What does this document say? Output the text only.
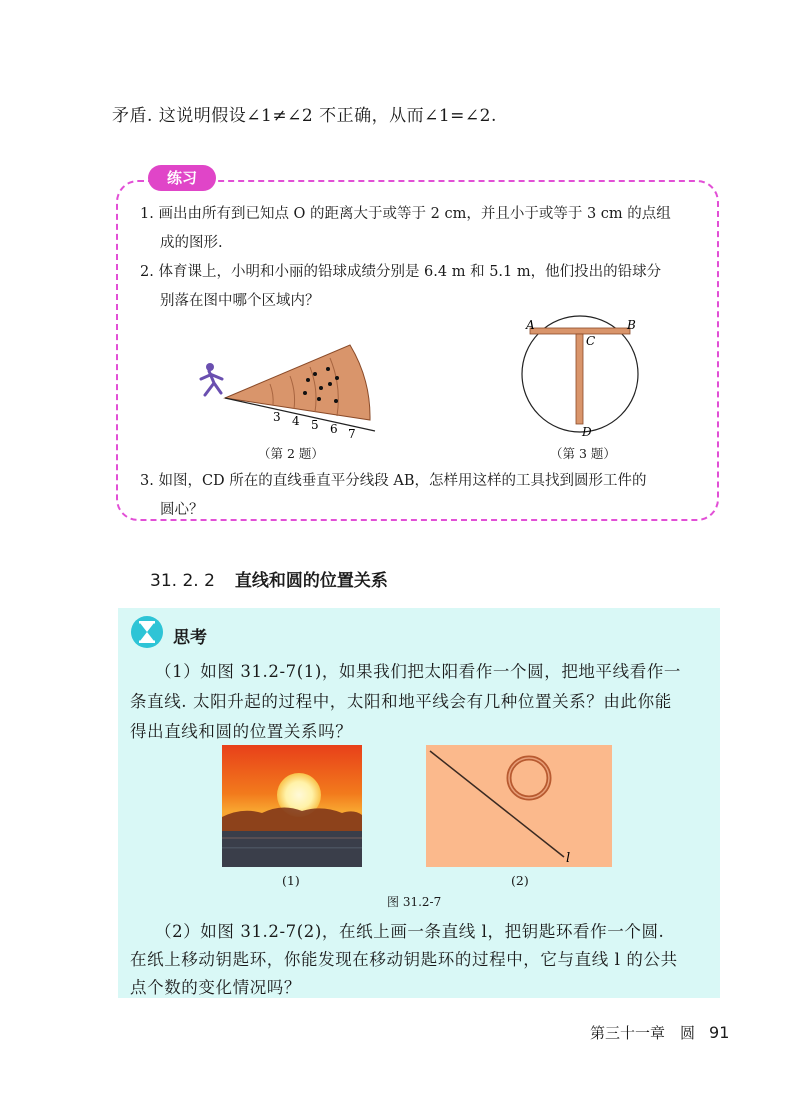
矛盾. 这说明假设∠1≠∠2 不正确，从而∠1=∠2.
练习
1. 画出由所有到已知点 O 的距离大于或等于 2 cm，并且小于或等于 3 cm 的点组
成的图形.
2. 体育课上，小明和小丽的铅球成绩分别是 6.4 m 和 5.1 m，他们投出的铅球分
别落在图中哪个区域内？
3 4 5 6 7
（第 2 题）
A	B
C
D
（第 3 题）
3. 如图，CD 所在的直线垂直平分线段 AB，怎样用这样的工具找到圆形工件的
圆心？
31. 2. 2 直线和圆的位置关系
思考
（1）如图 31.2-7(1)，如果我们把太阳看作一个圆，把地平线看作一
条直线. 太阳升起的过程中，太阳和地平线会有几种位置关系？由此你能
得出直线和圆的位置关系吗？
l
(1)	(2)
图 31.2-7
（2）如图 31.2-7(2)，在纸上画一条直线 l，把钥匙环看作一个圆.
在纸上移动钥匙环，你能发现在移动钥匙环的过程中，它与直线 l 的公共
点个数的变化情况吗？
第三十一章　圆 91
